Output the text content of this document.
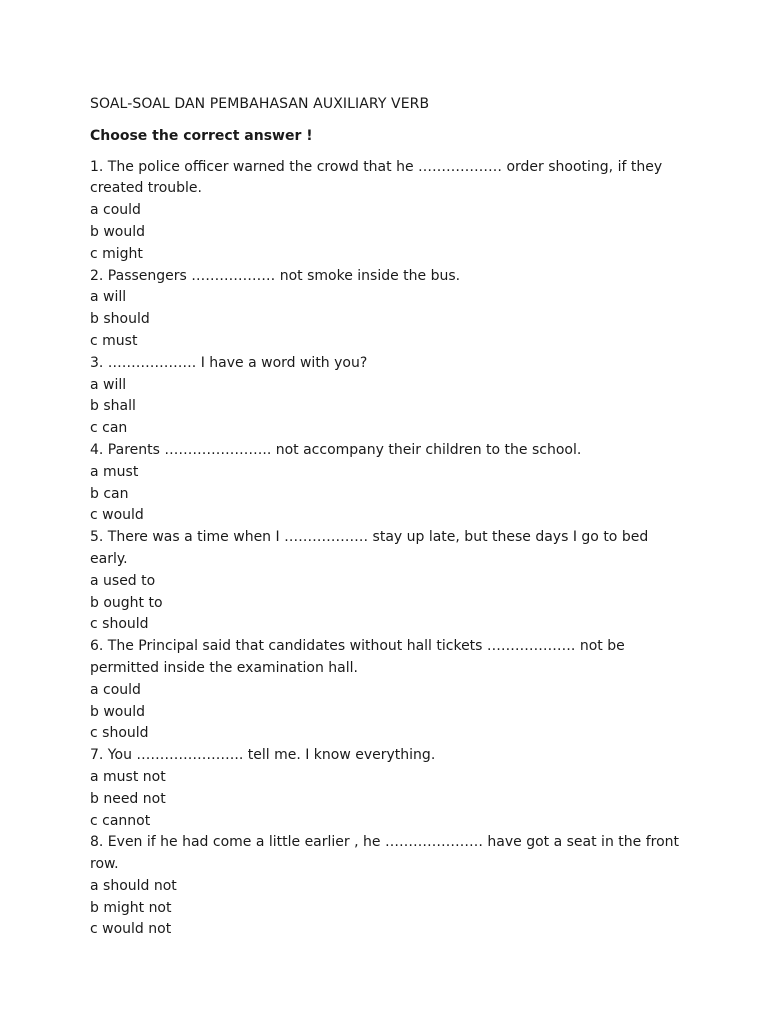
SOAL-SOAL DAN PEMBAHASAN AUXILIARY VERB

Choose the correct answer !

1. The police officer warned the crowd that he ……………… order shooting, if they created trouble.

a could

b would

c might

2. Passengers ……………… not smoke inside the bus.

a will

b should

c must

3. ………………. I have a word with you?

a will

b shall

c can

4. Parents ………………….. not accompany their children to the school.

a must

b can

c would

5. There was a time when I ……………… stay up late, but these days I go to bed early.

a used to

b ought to

c should

6. The Principal said that candidates without hall tickets ………………. not be permitted inside the examination hall.

a could

b would

c should

7. You ………………….. tell me. I know everything.

a must not

b need not

c cannot

8. Even if he had come a little earlier , he ………………… have got a seat in the front row.

a should not

b might not

c would not
